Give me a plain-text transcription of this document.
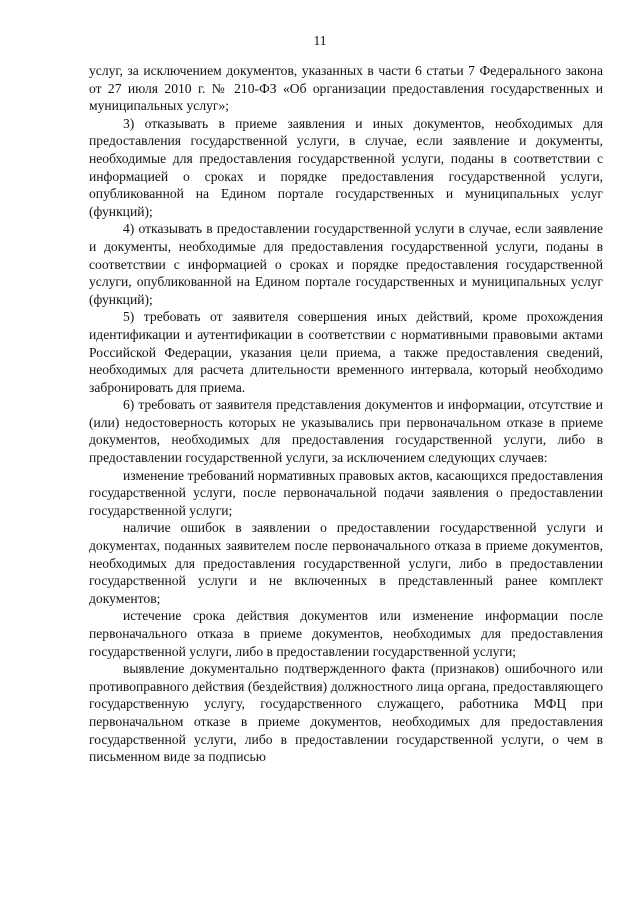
11

услуг, за исключением документов, указанных в части 6 статьи 7 Федерального закона от 27 июля 2010 г. № 210-ФЗ «Об организации предоставления государственных и муниципальных услуг»;

3) отказывать в приеме заявления и иных документов, необходимых для предоставления государственной услуги, в случае, если заявление и документы, необходимые для предоставления государственной услуги, поданы в соответствии с информацией о сроках и порядке предоставления государственной услуги, опубликованной на Едином портале государственных и муниципальных услуг (функций);

4) отказывать в предоставлении государственной услуги в случае, если заявление и документы, необходимые для предоставления государственной услуги, поданы в соответствии с информацией о сроках и порядке предоставления государственной услуги, опубликованной на Едином портале государственных и муниципальных услуг (функций);

5) требовать от заявителя совершения иных действий, кроме прохождения идентификации и аутентификации в соответствии с нормативными правовыми актами Российской Федерации, указания цели приема, а также предоставления сведений, необходимых для расчета длительности временного интервала, который необходимо забронировать для приема.

6) требовать от заявителя представления документов и информации, отсутствие и (или) недостоверность которых не указывались при первоначальном отказе в приеме документов, необходимых для предоставления государственной услуги, либо в предоставлении государственной услуги, за исключением следующих случаев:

изменение требований нормативных правовых актов, касающихся предоставления государственной услуги, после первоначальной подачи заявления о предоставлении государственной услуги;

наличие ошибок в заявлении о предоставлении государственной услуги и документах, поданных заявителем после первоначального отказа в приеме документов, необходимых для предоставления государственной услуги, либо в предоставлении государственной услуги и не включенных в представленный ранее комплект документов;

истечение срока действия документов или изменение информации после первоначального отказа в приеме документов, необходимых для предоставления государственной услуги, либо в предоставлении государственной услуги;

выявление документально подтвержденного факта (признаков) ошибочного или противоправного действия (бездействия) должностного лица органа, предоставляющего государственную услугу, государственного служащего, работника МФЦ при первоначальном отказе в приеме документов, необходимых для предоставления государственной услуги, либо в предоставлении государственной услуги, о чем в письменном виде за подписью
